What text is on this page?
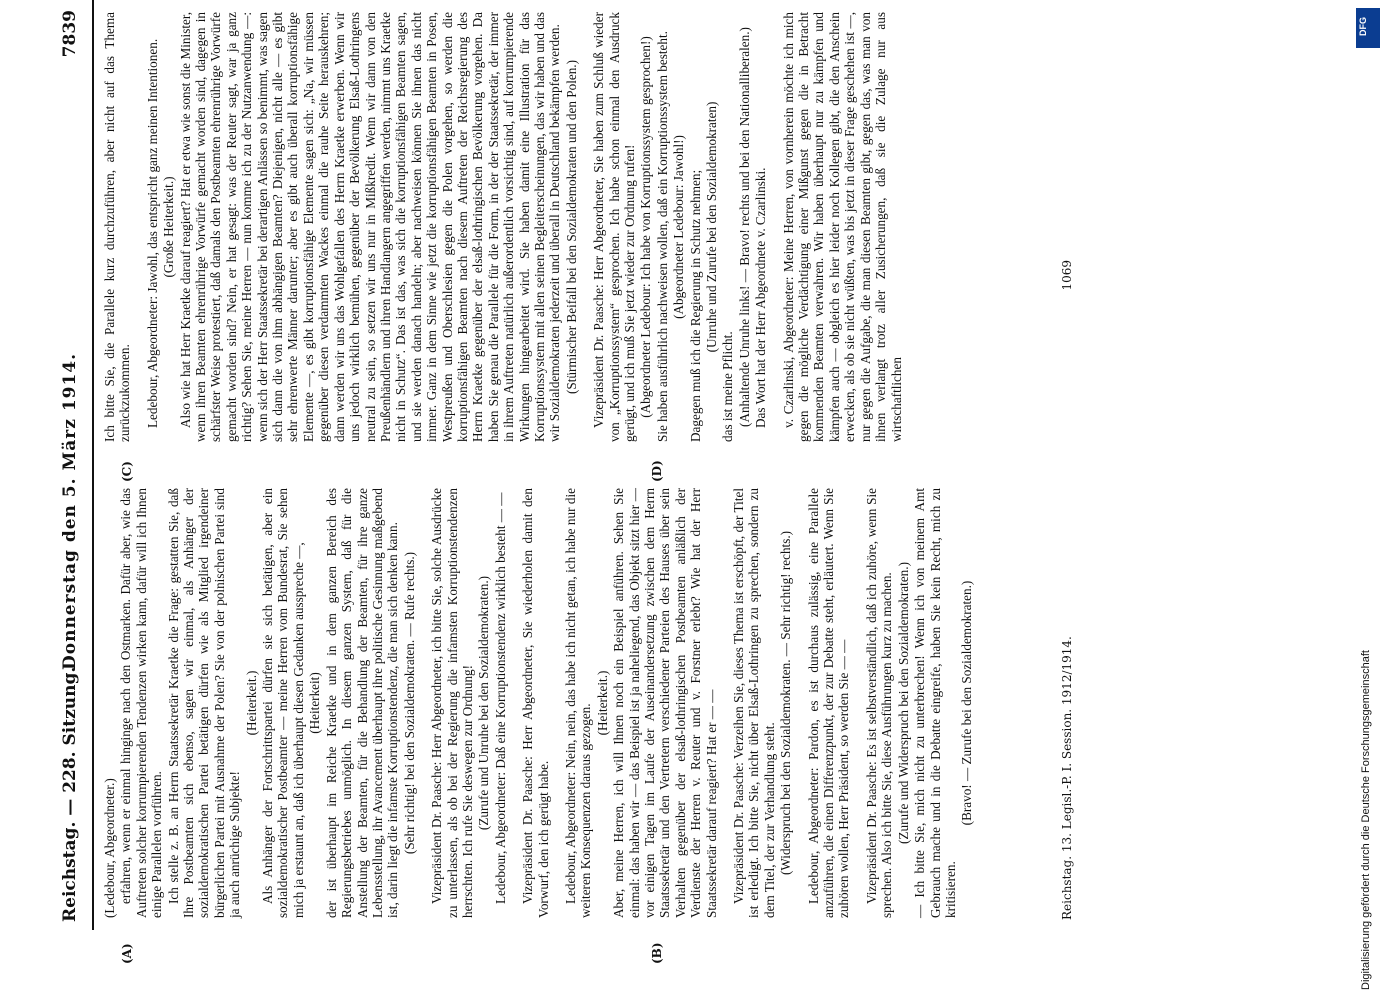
Reichstag. — 228. Sitzung.
Donnerstag den 5. März 1914.
7839
(A)	(B)
(C)	(D)

(Ledebour, Abgeordneter.) erfahren, wenn er einmal hinginge nach den Ostmarken. Dafür aber, wie das Auftreten solcher korrumpierenden Tendenzen wirken kann, dafür will ich Ihnen einige Parallelen vorführen. Ich stelle z. B. an Herrn Staatssekretär Kraetke die Frage: gestatten Sie, daß Ihre Postbeamten sich ebenso, sagen wir einmal, als Anhänger der sozialdemokratischen Partei betätigen dürfen wie als Mitglied irgendeiner bürgerlichen Partei mit Ausnahme der Polen? Sie von der polnischen Partei sind ja auch anrüchige Subjekte!

(Heiterkeit.) Als Anhänger der Fortschrittspartei dürfen sie sich betätigen, aber ein sozialdemokratischer Postbeamter — meine Herren vom Bundesrat, Sie sehen mich ja erstaunt an, daß ich überhaupt diesen Gedanken ausspreche —, (Heiterkeit) der ist überhaupt im Reiche Kraetke und in dem ganzen Bereich des Regierungsbetriebes unmöglich. In diesem ganzen System, daß für die Anstellung der Beamten, für die Behandlung der Beamten, für ihre ganze Lebensstellung, ihr Avancement überhaupt ihre politische Gesinnung maßgebend ist, darin liegt die infamste Korruptionstendenz, die man sich denken kann. (Sehr richtig! bei den Sozialdemokraten. — Rufe rechts.) Vizepräsident Dr. Paasche: Herr Abgeordneter, ich bitte Sie, solche Ausdrücke zu unterlassen, als ob bei der Regierung die infamsten Korruptionstendenzen herrschten. Ich rufe Sie deswegen zur Ordnung! (Zurufe und Unruhe bei den Sozialdemokraten.) Ledebour, Abgeordneter: Daß eine Korruptionstendenz wirklich besteht — — Vizepräsident Dr. Paasche: Herr Abgeordneter, Sie wiederholen damit den Vorwurf, den ich gerügt habe. Ledebour, Abgeordneter: Nein, nein, das habe ich nicht getan, ich habe nur die weiteren Konsequenzen daraus gezogen.

(Heiterkeit.) Aber, meine Herren, ich will Ihnen noch ein Beispiel anführen. Sehen Sie einmal: das haben wir — das Beispiel ist ja naheliegend, das Objekt sitzt hier — vor einigen Tagen im Laufe der Auseinandersetzung zwischen dem Herrn Staatssekretär und den Vertretern verschiedener Parteien des Hauses über sein Verhalten gegenüber der elsaß-lothringischen Postbeamten anläßlich der Verdienste der Herren v. Reuter und v. Forstner erlebt? Wie hat der Herr Staatssekretär darauf reagiert? Hat er — — Vizepräsident Dr. Paasche: Verzeihen Sie, dieses Thema ist erschöpft, der Titel ist erledigt. Ich bitte Sie, nicht über Elsaß-Lothringen zu sprechen, sondern zu dem Titel, der zur Verhandlung steht. (Widerspruch bei den Sozialdemokraten. — Sehr richtig! rechts.) Ledebour, Abgeordneter: Pardon, es ist durchaus zulässig, eine Parallele anzuführen, die einen Differenzpunkt, der zur Debatte steht, erläutert. Wenn Sie zuhören wollen, Herr Präsident, so werden Sie — — Vizepräsident Dr. Paasche: Es ist selbstverständlich, daß ich zuhöre, wenn Sie sprechen. Also ich bitte Sie, diese Ausführungen kurz zu machen. (Zurufe und Widerspruch bei den Sozialdemokraten.) — Ich bitte Sie, mich nicht zu unterbrechen! Wenn ich von meinem Amt Gebrauch mache und in die Debatte eingreife, haben Sie kein Recht, mich zu kritisieren.

(Bravo! — Zurufe bei den Sozialdemokraten.)

Ich bitte Sie, die Parallele kurz durchzuführen, aber nicht auf das Thema zurückzukommen. Ledebour, Abgeordneter: Jawohl, das entspricht ganz meinen Intentionen. (Große Heiterkeit.) Also wie hat Herr Kraetke darauf reagiert? Hat er etwa wie sonst die Minister, wenn ihren Beamten ehrenrührige Vorwürfe gemacht worden sind, dagegen in schärfster Weise protestiert, daß damals den Postbeamten ehrenrührige Vorwürfe gemacht worden sind? Nein, er hat gesagt: was der Reuter sagt, war ja ganz richtig? Sehen Sie, meine Herren — nun komme ich zu der Nutzanwendung —: wenn sich der Herr Staatssekretär bei derartigen Anlässen so benimmt, was sagen sich dann die von ihm abhängigen Beamten? Diejenigen, nicht alle — es gibt sehr ehrenwerte Männer darunter; aber es gibt auch überall korruptionsfähige Elemente —, es gibt korruptionsfähige Elemente sagen sich: „Na, wir müssen gegenüber diesen verdammten Wackes einmal die rauhe Seite herauskehren; dann werden wir uns das Wohlgefallen des Herrn Kraetke erwerben. Wenn wir uns jedoch wirklich bemühen, gegenüber der Bevölkerung Elsaß-Lothringens neutral zu sein, so setzen wir uns nur in Mißkredit. Wenn wir dann von den Preußenhändlern und ihren Handlangern angegriffen werden, nimmt uns Kraetke nicht in Schutz“. Das ist das, was sich die korruptionsfähigen Beamten sagen, und sie werden danach handeln; aber nachweisen können Sie ihnen das nicht immer. Ganz in dem Sinne wie jetzt die korruptionsfähigen Beamten in Posen, Westpreußen und Oberschlesien gegen die Polen vorgehen, so werden die korruptionsfähigen Beamten nach diesem Auftreten der Reichsregierung des Herrn Kraetke gegenüber der elsaß-lothringischen Bevölkerung vorgehen. Da haben Sie genau die Parallele für die Form, in der der Staatssekretär, der immer in ihrem Auftreten natürlich außerordentlich vorsichtig sind, auf korrumpierende Wirkungen hingearbeitet wird. Sie haben damit eine Illustration für das Korruptionssystem mit allen seinen Begleiterscheinungen, das wir haben und das wir Sozialdemokraten jederzeit und überall in Deutschland bekämpfen werden. (Stürmischer Beifall bei den Sozialdemokraten und den Polen.) Vizepräsident Dr. Paasche: Herr Abgeordneter, Sie haben zum Schluß wieder von „Korruptionssystem“ gesprochen. Ich habe schon einmal den Ausdruck gerügt, und ich muß Sie jetzt wieder zur Ordnung rufen! (Abgeordneter Ledebour: Ich habe von Korruptionssystem gesprochen!) Sie haben ausführlich nachweisen wollen, daß ein Korruptionssystem besteht. (Abgeordneter Ledebour: Jawohl!) Dagegen muß ich die Regierung in Schutz nehmen; (Unruhe und Zurufe bei den Sozialdemokraten)

das ist meine Pflicht. (Anhaltende Unruhe links! — Bravo! rechts und bei den Nationalliberalen.) Das Wort hat der Herr Abgeordnete v. Czarlinski. v. Czarlinski, Abgeordneter: Meine Herren, von vornherein möchte ich mich gegen die mögliche Verdächtigung einer Mißgunst gegen die in Betracht kommenden Beamten verwahren. Wir haben überhaupt nur zu kämpfen und kämpfen auch — obgleich es hier leider noch Kollegen gibt, die den Anschein erwecken, als ob sie nicht wüßten, was bis jetzt in dieser Frage geschehen ist —, nur gegen die Aufgabe, die man diesen Beamten gibt, gegen das, was man von ihnen verlangt trotz aller Zusicherungen, daß sie die Zulage nur aus wirtschaftlichen

Reichstag. 13. Legisl.-P. I. Session. 1912/1914.
1069
DFG
Digitalisierung gefördert durch die Deutsche Forschungsgemeinschaft
